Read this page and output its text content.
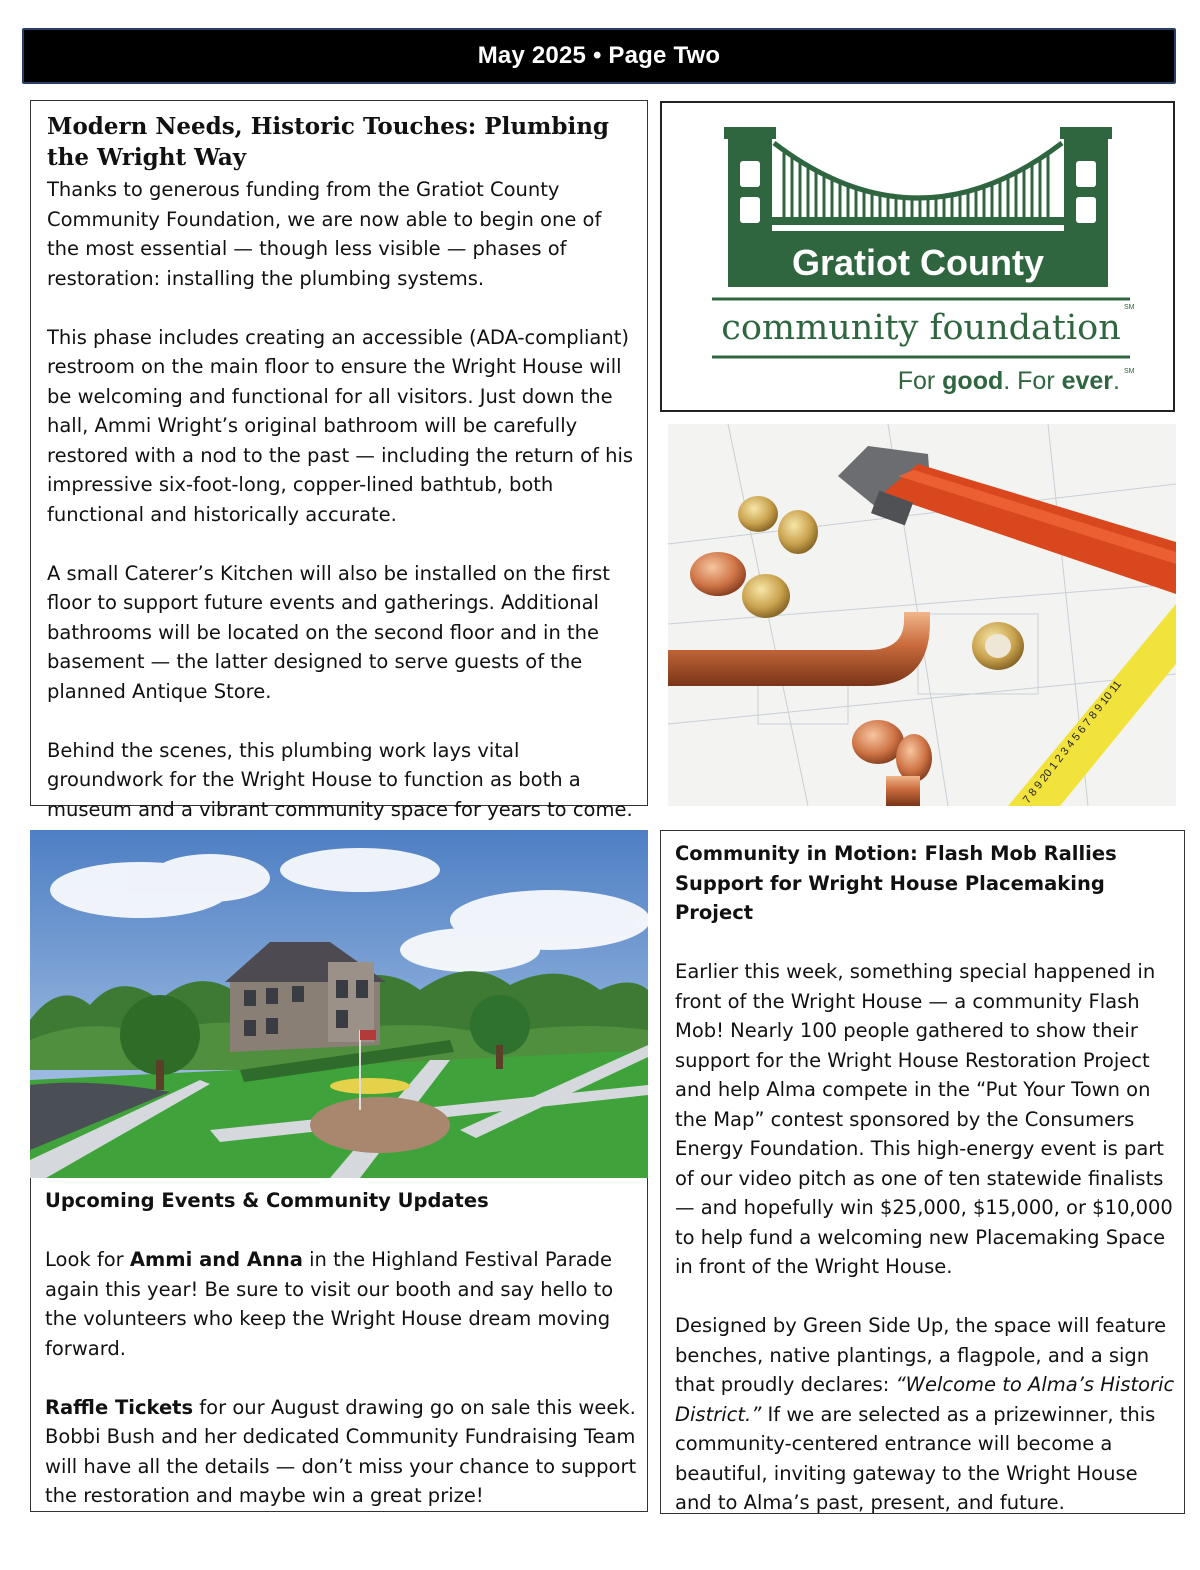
May 2025 • Page Two
Modern Needs, Historic Touches: Plumbing the Wright Way

Thanks to generous funding from the Gratiot County Community Foundation, we are now able to begin one of the most essential — though less visible — phases of restoration: installing the plumbing systems.

This phase includes creating an accessible (ADA-compliant) restroom on the main floor to ensure the Wright House will be welcoming and functional for all visitors. Just down the hall, Ammi Wright’s original bathroom will be carefully restored with a nod to the past — including the return of his impressive six-foot-long, copper-lined bathtub, both functional and historically accurate.

A small Caterer’s Kitchen will also be installed on the first floor to support future events and gatherings. Additional bathrooms will be located on the second floor and in the basement — the latter designed to serve guests of the planned Antique Store.

Behind the scenes, this plumbing work lays vital groundwork for the Wright House to function as both a museum and a vibrant community space for years to come.

Gratiot County
community foundation
SM
For good. For ever. SM
7 8 9 20 1 2 3 4 5 6 7 8 9 10 11
Upcoming Events & Community Updates

Look for Ammi and Anna in the Highland Festival Parade again this year! Be sure to visit our booth and say hello to the volunteers who keep the Wright House dream moving forward.

Raffle Tickets for our August drawing go on sale this week. Bobbi Bush and her dedicated Community Fundraising Team will have all the details — don’t miss your chance to support the restoration and maybe win a great prize!

Community in Motion: Flash Mob Rallies Support for Wright House Placemaking Project

Earlier this week, something special happened in front of the Wright House — a community Flash Mob! Nearly 100 people gathered to show their support for the Wright House Restoration Project and help Alma compete in the “Put Your Town on the Map” contest sponsored by the Consumers Energy Foundation. This high-energy event is part of our video pitch as one of ten statewide finalists — and hopefully win $25,000, $15,000, or $10,000 to help fund a welcoming new Placemaking Space in front of the Wright House.

Designed by Green Side Up, the space will feature benches, native plantings, a flagpole, and a sign that proudly declares: “Welcome to Alma’s Historic District.” If we are selected as a prizewinner, this community-centered entrance will become a beautiful, inviting gateway to the Wright House and to Alma’s past, present, and future.
